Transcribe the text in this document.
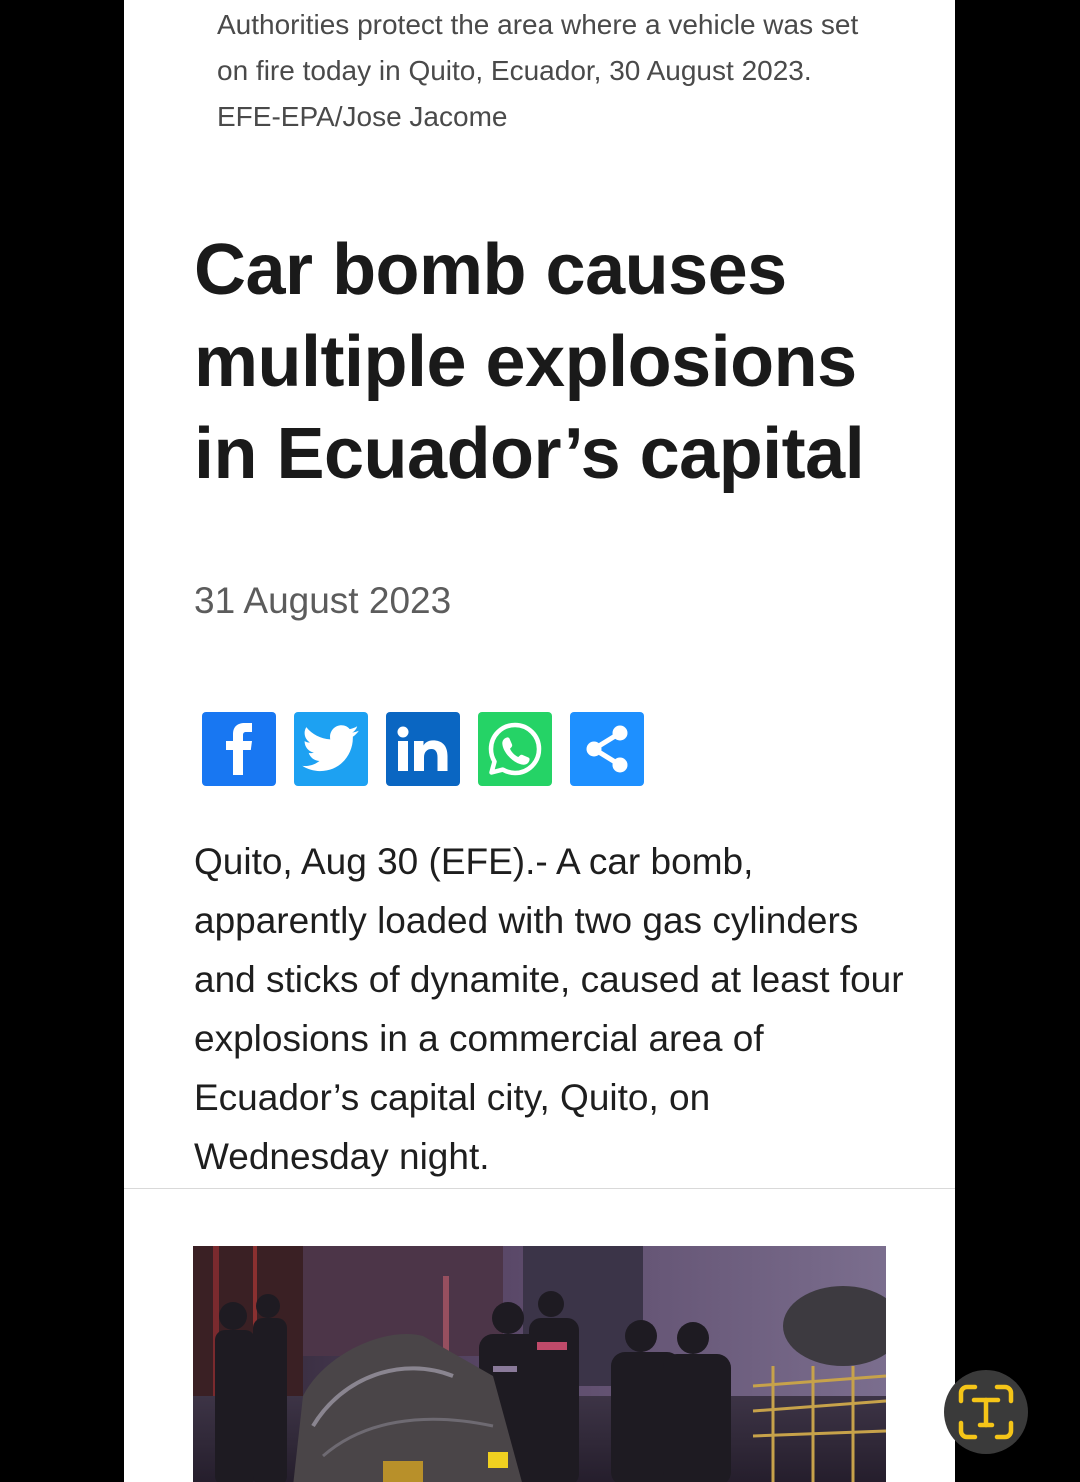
Authorities protect the area where a vehicle was set on fire today in Quito, Ecuador, 30 August 2023. EFE-EPA/Jose Jacome
Car bomb causes multiple explosions in Ecuador’s capital
31 August 2023

Quito, Aug 30 (EFE).- A car bomb, apparently loaded with two gas cylinders and sticks of dynamite, caused at least four explosions in a commercial area of Ecuador’s capital city, Quito, on Wednesday night.
